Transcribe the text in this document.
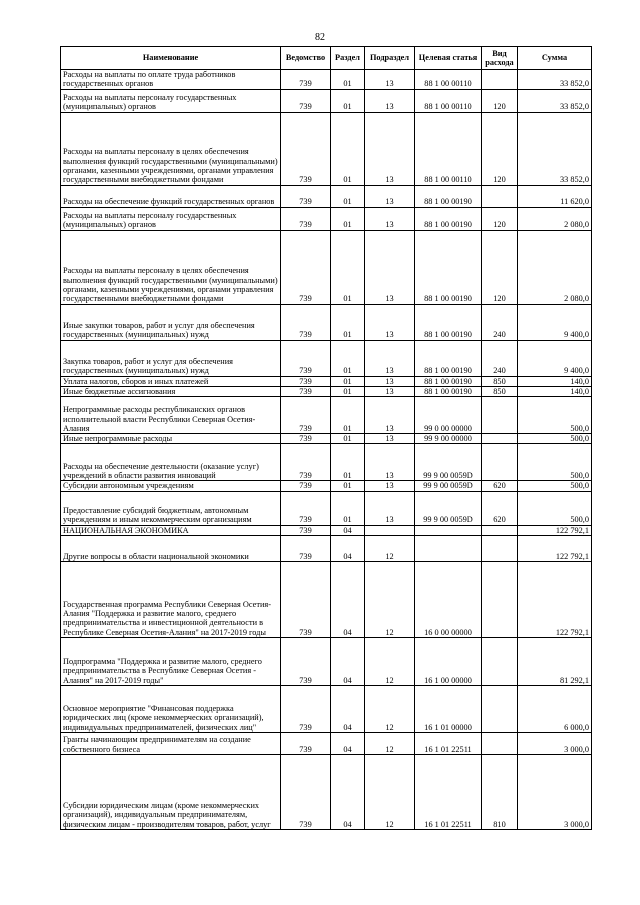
82
Наименование	Ведомство	Раздел	Подраздел	Целевая статья	Вид расхода	Сумма
Расходы на выплаты по оплате труда работников государственных органов	739	01	13	88 1 00 00110		33 852,0
Расходы на выплаты персоналу государственных (муниципальных) органов	739	01	13	88 1 00 00110	120	33 852,0
Расходы на выплаты персоналу в целях обеспечения выполнения функций государственными (муниципальными) органами, казенными учреждениями, органами управления государственными внебюджетными фондами	739	01	13	88 1 00 00110	120	33 852,0
Расходы на обеспечение функций государственных органов	739	01	13	88 1 00 00190		11 620,0
Расходы на выплаты персоналу государственных (муниципальных) органов	739	01	13	88 1 00 00190	120	2 080,0
Расходы на выплаты персоналу в целях обеспечения выполнения функций государственными (муниципальными) органами, казенными учреждениями, органами управления государственными внебюджетными фондами	739	01	13	88 1 00 00190	120	2 080,0
Иные закупки товаров, работ и услуг для обеспечения государственных (муниципальных) нужд	739	01	13	88 1 00 00190	240	9 400,0
Закупка товаров, работ и услуг для обеспечения государственных (муниципальных) нужд	739	01	13	88 1 00 00190	240	9 400,0
Уплата налогов, сборов и иных платежей	739	01	13	88 1 00 00190	850	140,0
Иные бюджетные ассигнования	739	01	13	88 1 00 00190	850	140,0
Непрограммные расходы республиканских органов исполнительной власти Республики Северная Осетия-Алания	739	01	13	99 0 00 00000		500,0
Иные непрограммные расходы	739	01	13	99 9 00 00000		500,0
Расходы на обеспечение деятельности (оказание услуг) учреждений в области развития инноваций	739	01	13	99 9 00 0059D		500,0
Субсидии автономным учреждениям	739	01	13	99 9 00 0059D	620	500,0
Предоставление субсидий бюджетным, автономным учреждениям и иным некоммерческим организациям	739	01	13	99 9 00 0059D	620	500,0
НАЦИОНАЛЬНАЯ ЭКОНОМИКА	739	04				122 792,1
Другие вопросы в области национальной экономики	739	04	12			122 792,1
Государственная программа Республики Северная Осетия-Алания "Поддержка и развитие малого, среднего предпринимательства и инвестиционной деятельности в Республике Северная Осетия-Алания" на 2017-2019 годы	739	04	12	16 0 00 00000		122 792,1
Подпрограмма "Поддержка и развитие малого, среднего предпринимательства в Республике Северная Осетия - Алания" на 2017-2019 годы"	739	04	12	16 1 00 00000		81 292,1
Основное мероприятие "Финансовая поддержка юридических лиц (кроме некоммерческих организаций), индивидуальных предпринимателей, физических лиц"	739	04	12	16 1 01 00000		6 000,0
Гранты начинающим предпринимателям на создание собственного бизнеса	739	04	12	16 1 01 22511		3 000,0
Субсидии юридическим лицам (кроме некоммерческих организаций), индивидуальным предпринимателям, физическим лицам - производителям товаров, работ, услуг	739	04	12	16 1 01 22511	810	3 000,0
